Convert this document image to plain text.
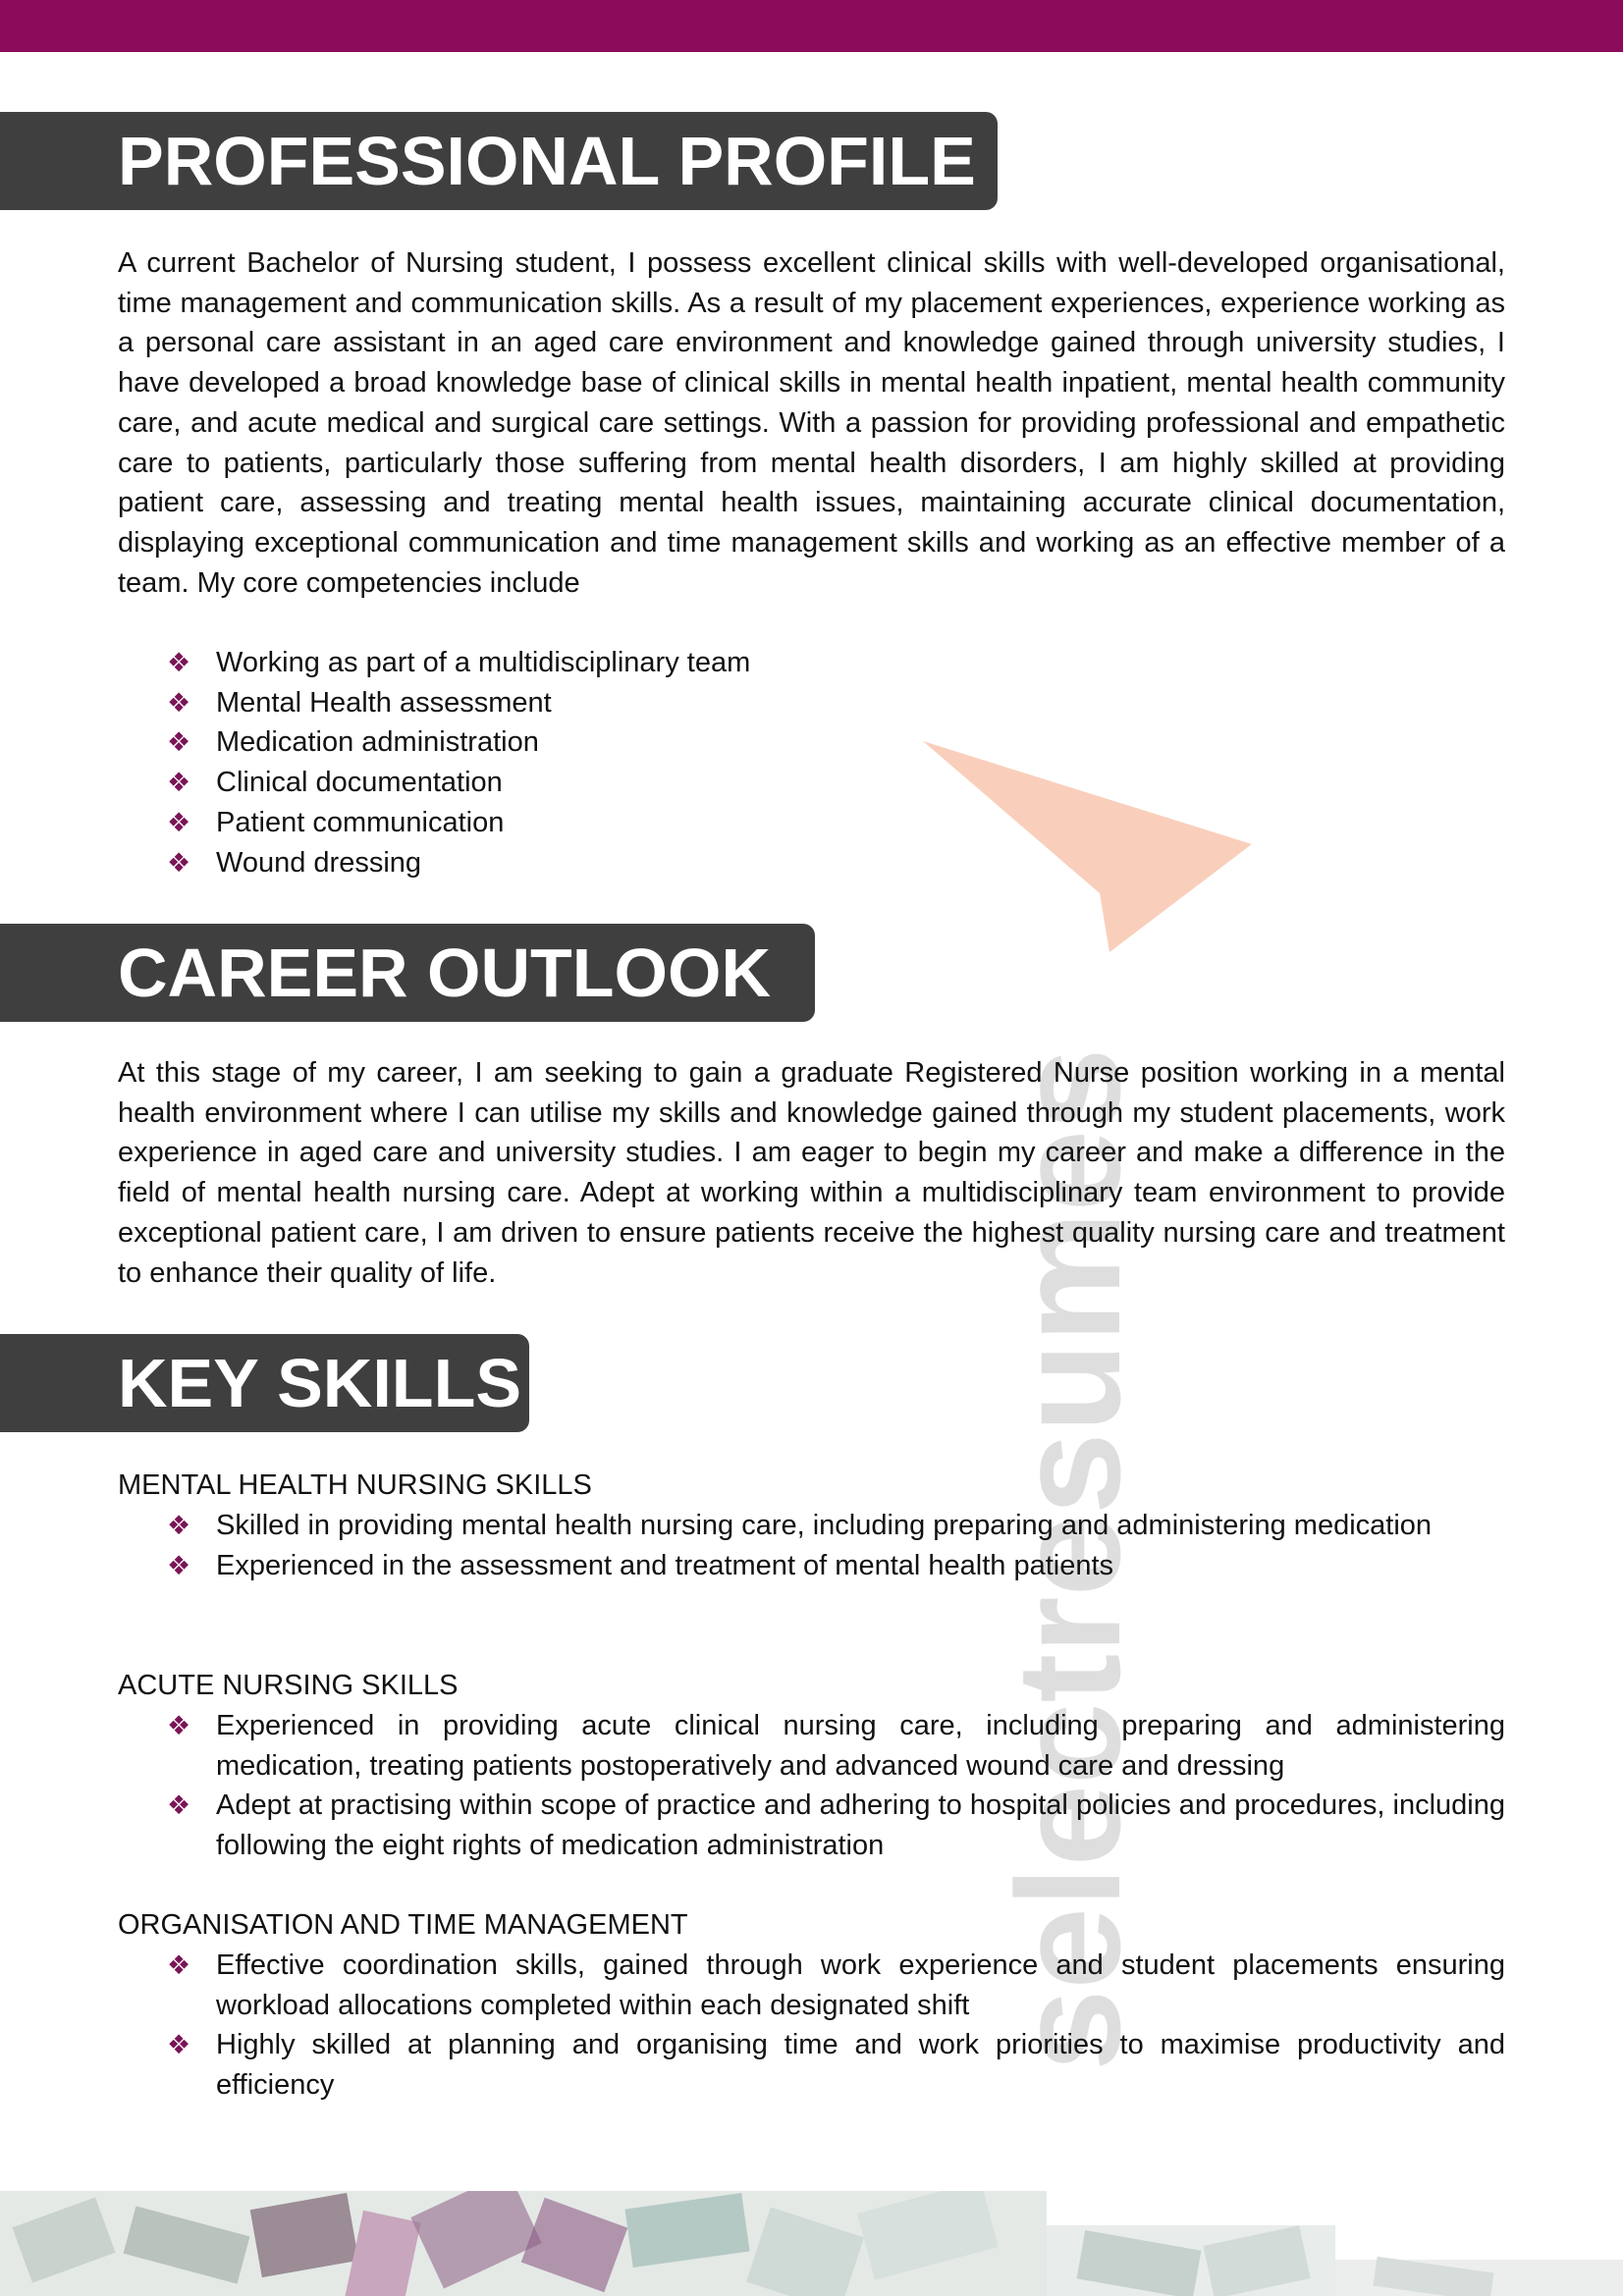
selectresumes
PROFESSIONAL PROFILE

A current Bachelor of Nursing student, I possess excellent clinical skills with well-developed organisational, time management and communication skills. As a result of my placement experiences, experience working as a personal care assistant in an aged care environment and knowledge gained through university studies, I have developed a broad knowledge base of clinical skills in mental health inpatient, mental health community care, and acute medical and surgical care settings. With a passion for providing professional and empathetic care to patients, particularly those suffering from mental health disorders, I am highly skilled at providing patient care, assessing and treating mental health issues, maintaining accurate clinical documentation, displaying exceptional communication and time management skills and working as an effective member of a team. My core competencies include

❖ Working as part of a multidisciplinary team
❖ Mental Health assessment
❖ Medication administration
❖ Clinical documentation
❖ Patient communication
❖ Wound dressing
CAREER OUTLOOK

At this stage of my career, I am seeking to gain a graduate Registered Nurse position working in a mental health environment where I can utilise my skills and knowledge gained through my student placements, work experience in aged care and university studies. I am eager to begin my career and make a difference in the field of mental health nursing care. Adept at working within a multidisciplinary team environment to provide exceptional patient care, I am driven to ensure patients receive the highest quality nursing care and treatment to enhance their quality of life.

KEY SKILLS
MENTAL HEALTH NURSING SKILLS
❖ Skilled in providing mental health nursing care, including preparing and administering medication
❖ Experienced in the assessment and treatment of mental health patients
ACUTE NURSING SKILLS
❖ Experienced in providing acute clinical nursing care, including preparing and administering medication, treating patients postoperatively and advanced wound care and dressing
❖ Adept at practising within scope of practice and adhering to hospital policies and procedures, including following the eight rights of medication administration
ORGANISATION AND TIME MANAGEMENT
❖ Effective coordination skills, gained through work experience and student placements ensuring workload allocations completed within each designated shift
❖ Highly skilled at planning and organising time and work priorities to maximise productivity and efficiency
